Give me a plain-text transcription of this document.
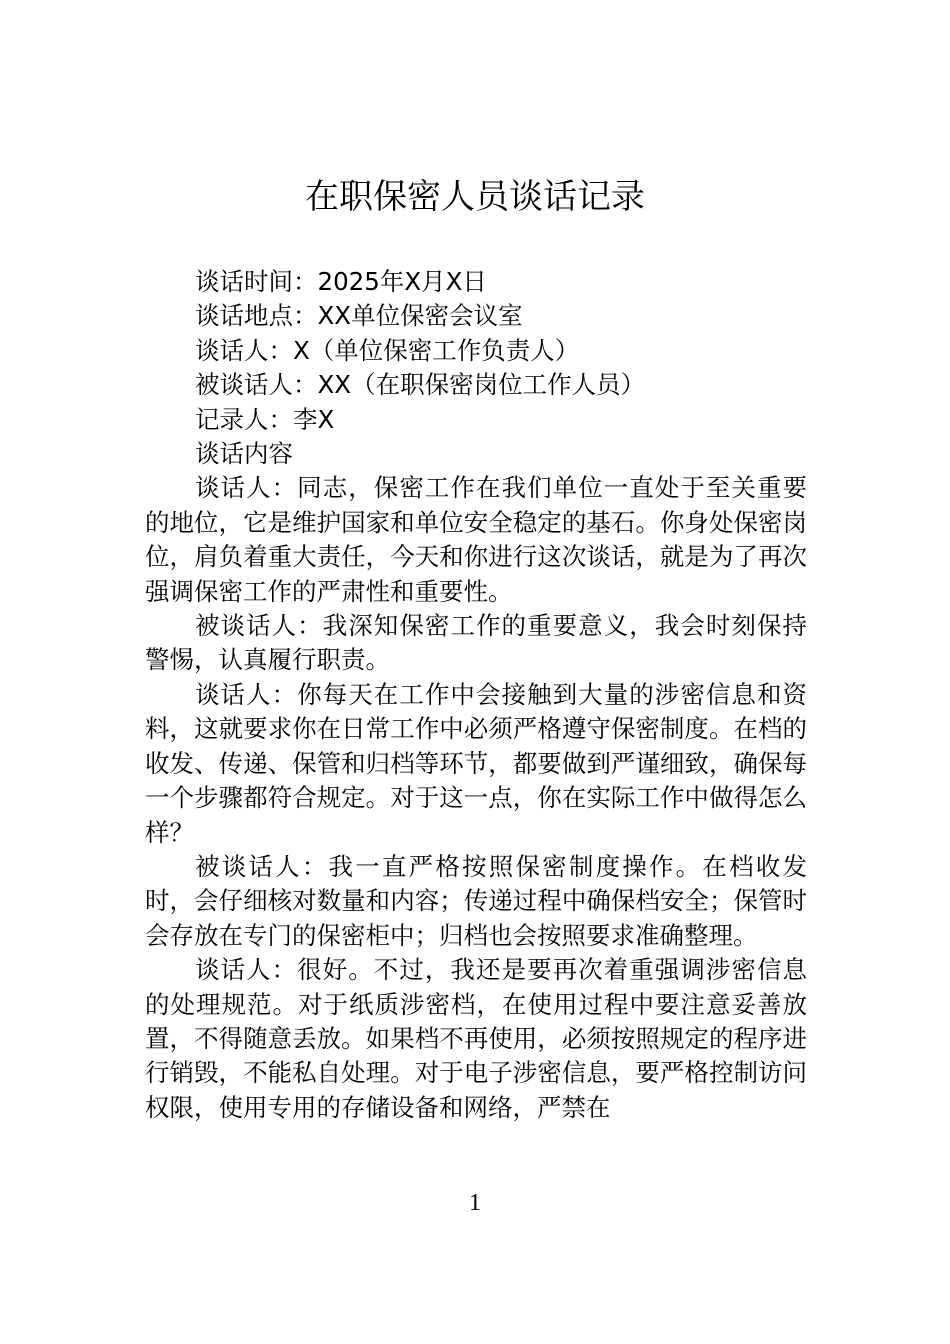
在职保密人员谈话记录

谈话时间：2025年X月X日

谈话地点：XX单位保密会议室

谈话人：X（单位保密工作负责人）

被谈话人：XX（在职保密岗位工作人员）

记录人：李X

谈话内容

谈话人：同志，保密工作在我们单位一直处于至关重要的地位，它是维护国家和单位安全稳定的基石。你身处保密岗位，肩负着重大责任，今天和你进行这次谈话，就是为了再次强调保密工作的严肃性和重要性。

被谈话人：我深知保密工作的重要意义，我会时刻保持警惕，认真履行职责。

谈话人：你每天在工作中会接触到大量的涉密信息和资料，这就要求你在日常工作中必须严格遵守保密制度。在档的收发、传递、保管和归档等环节，都要做到严谨细致，确保每一个步骤都符合规定。对于这一点，你在实际工作中做得怎么样？

被谈话人：我一直严格按照保密制度操作。在档收发时，会仔细核对数量和内容；传递过程中确保档安全；保管时会存放在专门的保密柜中；归档也会按照要求准确整理。

谈话人：很好。不过，我还是要再次着重强调涉密信息的处理规范。对于纸质涉密档，在使用过程中要注意妥善放置，不得随意丢放。如果档不再使用，必须按照规定的程序进行销毁，不能私自处理。对于电子涉密信息，要严格控制访问权限，使用专用的存储设备和网络，严禁在

1
